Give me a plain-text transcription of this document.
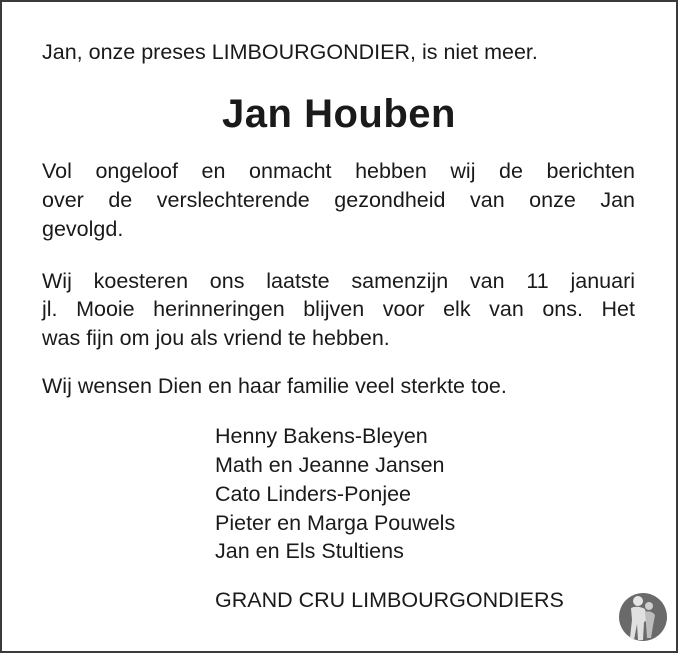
Jan, onze preses LIMBOURGONDIER, is niet meer.
Jan Houben
Vol ongeloof en onmacht hebben wij de berichten
over de verslechterende gezondheid van onze Jan
gevolgd.
Wij koesteren ons laatste samenzijn van 11 januari
jl. Mooie herinneringen blijven voor elk van ons. Het
was fijn om jou als vriend te hebben.
Wij wensen Dien en haar familie veel sterkte toe.
Henny Bakens-Bleyen
Math en Jeanne Jansen
Cato Linders-Ponjee
Pieter en Marga Pouwels
Jan en Els Stultiens
GRAND CRU LIMBOURGONDIERS
